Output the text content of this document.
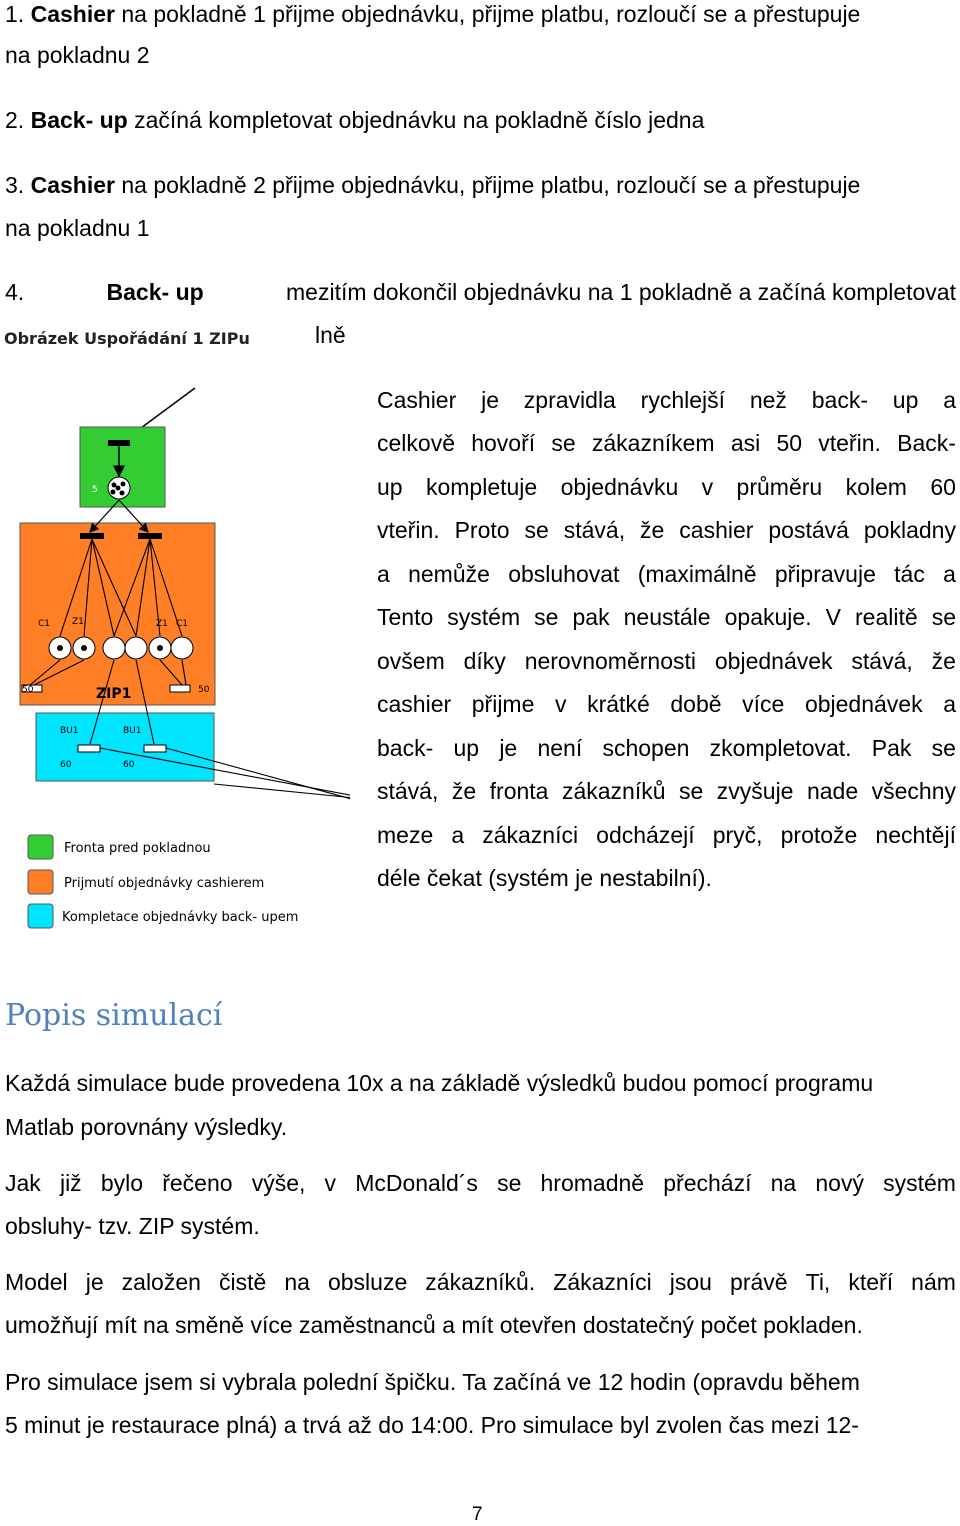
1. Cashier na pokladně 1 přijme objednávku, přijme platbu, rozloučí se a přestupuje
na pokladnu 2
2. Back- up začíná kompletovat objednávku na pokladně číslo jedna
3. Cashier na pokladně 2 přijme objednávku, přijme platbu, rozloučí se a přestupuje
na pokladnu 1
4.	Back- up	mezitím dokončil objednávku na 1 pokladně a začíná kompletovat
Obrázek Uspořádání 1 ZIPu	lně
5
C1 Z1	Z1 C1
50	50
ZIP1
BU1	BU1
60	60
Fronta pred pokladnou
Prijmutí objednávky cashierem
Kompletace objednávky back- upem
Cashier je zpravidla rychlejší než back- up a
celkově hovoří se zákazníkem asi 50 vteřin. Back-
up kompletuje objednávku v průměru kolem 60
vteřin. Proto se stává, že cashier postává pokladny
a nemůže obsluhovat (maximálně připravuje tác a
Tento systém se pak neustále opakuje. V realitě se
ovšem díky nerovnoměrnosti objednávek stává, že
cashier přijme v krátké době více objednávek a
back- up je není schopen zkompletovat. Pak se
stává, že fronta zákazníků se zvyšuje nade všechny
meze a zákazníci odcházejí pryč, protože nechtějí
déle čekat (systém je nestabilní).
Popis simulací
Každá simulace bude provedena 10x a na základě výsledků budou pomocí programu
Matlab porovnány výsledky.
Jak již bylo řečeno výše, v McDonald´s se hromadně přechází na nový systém
obsluhy- tzv. ZIP systém.
Model je založen čistě na obsluze zákazníků. Zákazníci jsou právě Ti, kteří nám
umožňují mít na směně více zaměstnanců a mít otevřen dostatečný počet pokladen.
Pro simulace jsem si vybrala polední špičku. Ta začíná ve 12 hodin (opravdu během
5 minut je restaurace plná) a trvá až do 14:00. Pro simulace byl zvolen čas mezi 12-
7
